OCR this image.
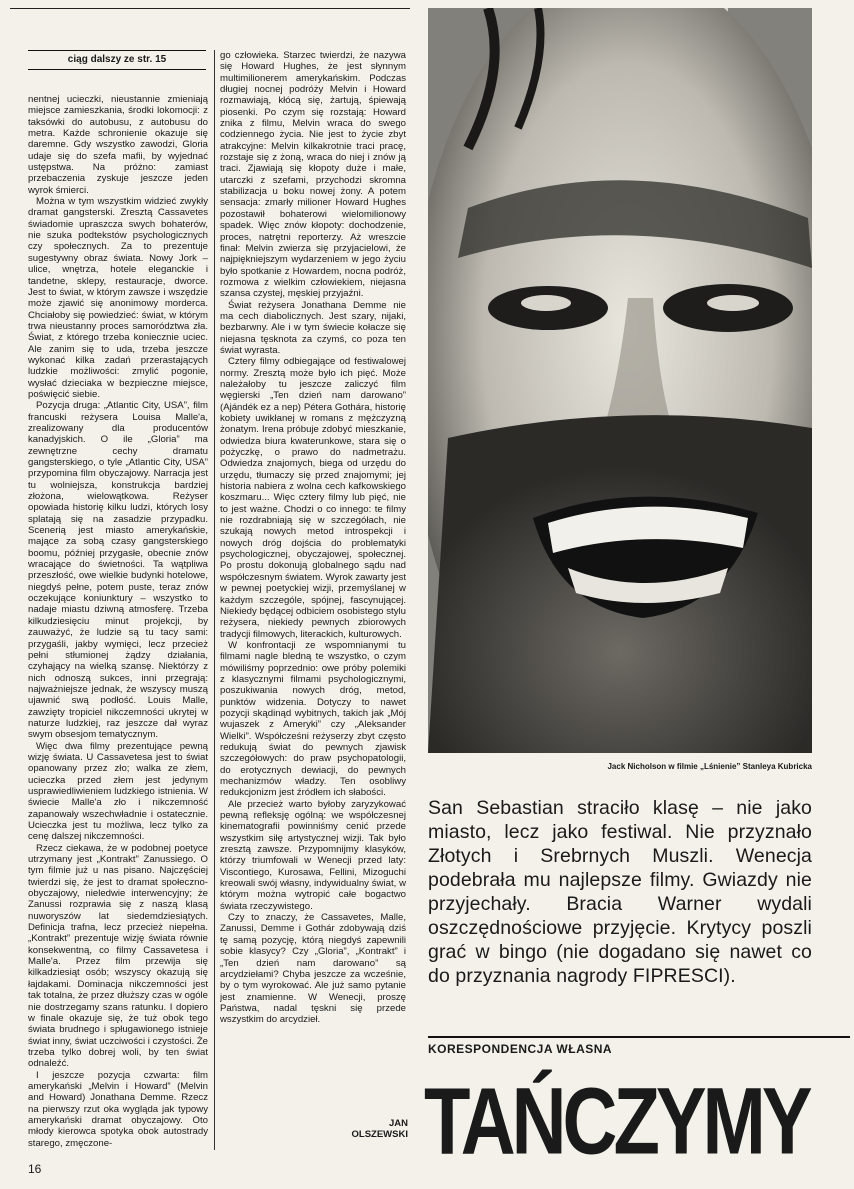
ciąg dalszy ze str. 15

nentnej ucieczki, nieustannie zmieniają miejsce zamieszkania, środki lokomocji: z taksówki do autobusu, z autobusu do metra. Każde schronienie okazuje się daremne. Gdy wszystko zawodzi, Gloria udaje się do szefa mafii, by wyjednać ustępstwa. Na próżno: zamiast przebaczenia zyskuje jeszcze jeden wyrok śmierci.

Można w tym wszystkim widzieć zwykły dramat gangsterski. Zresztą Cassavetes świadomie upraszcza swych bohaterów, nie szuka podtekstów psychologicznych czy społecznych. Za to prezentuje sugestywny obraz świata. Nowy Jork – ulice, wnętrza, hotele eleganckie i tandetne, sklepy, restauracje, dworce. Jest to świat, w którym zawsze i wszędzie może zjawić się anonimowy morderca. Chciałoby się powiedzieć: świat, w którym trwa nieustanny proces samorództwa zła. Świat, z którego trzeba koniecznie uciec. Ale zanim się to uda, trzeba jeszcze wykonać kilka zadań przerastających ludzkie możliwości: zmylić pogonie, wysłać dzieciaka w bezpieczne miejsce, poświęcić siebie.

Pozycja druga: „Atlantic City, USA”, film francuski reżysera Louisa Malle'a, zrealizowany dla producentów kanadyjskich. O ile „Gloria” ma zewnętrzne cechy dramatu gangsterskiego, o tyle „Atlantic City, USA” przypomina film obyczajowy. Narracja jest tu wolniejsza, konstrukcja bardziej złożona, wielowątkowa. Reżyser opowiada historię kilku ludzi, których losy splatają się na zasadzie przypadku. Scenerią jest miasto amerykańskie, mające za sobą czasy gangsterskiego boomu, później przygasłe, obecnie znów wracające do świetności. Ta wątpliwa przeszłość, owe wielkie budynki hotelowe, niegdyś pełne, potem puste, teraz znów oczekujące koniunktury – wszystko to nadaje miastu dziwną atmosferę. Trzeba kilkudziesięciu minut projekcji, by zauważyć, że ludzie są tu tacy sami: przygaśli, jakby wymięci, lecz przecież pełni stłumionej żądzy działania, czyhający na wielką szansę. Niektórzy z nich odnoszą sukces, inni przegrają: najważniejsze jednak, że wszyscy muszą ujawnić swą podłość. Louis Malle, zawzięty tropiciel nikczemności ukrytej w naturze ludzkiej, raz jeszcze dał wyraz swym obsesjom tematycznym.

Więc dwa filmy prezentujące pewną wizję świata. U Cassavetesa jest to świat opanowany przez zło; walka ze złem, ucieczka przed złem jest jedynym usprawiedliwieniem ludzkiego istnienia. W świecie Malle'a zło i nikczemność zapanowały wszechwładnie i ostatecznie. Ucieczka jest tu możliwa, lecz tylko za cenę dalszej nikczemności.

Rzecz ciekawa, że w podobnej poetyce utrzymany jest „Kontrakt” Zanussiego. O tym filmie już u nas pisano. Najczęściej twierdzi się, że jest to dramat społeczno-obyczajowy, nieledwie interwencyjny; że Zanussi rozprawia się z naszą klasą nuworyszów lat siedemdziesiątych. Definicja trafna, lecz przecież niepełna. „Kontrakt” prezentuje wizję świata równie konsekwentną, co filmy Cassavetesa i Malle'a. Przez film przewija się kilkadziesiąt osób; wszyscy okazują się łajdakami. Dominacja nikczemności jest tak totalna, że przez dłuższy czas w ogóle nie dostrzegamy szans ratunku. I dopiero w finale okazuje się, że tuż obok tego świata brudnego i spługawionego istnieje świat inny, świat uczciwości i czystości. Że trzeba tylko dobrej woli, by ten świat odnaleźć.

I jeszcze pozycja czwarta: film amerykański „Melvin i Howard” (Melvin and Howard) Jonathana Demme. Rzecz na pierwszy rzut oka wygląda jak typowy amerykański dramat obyczajowy. Oto młody kierowca spotyka obok autostrady starego, zmęczone-

go człowieka. Starzec twierdzi, że nazywa się Howard Hughes, że jest słynnym multimilionerem amerykańskim. Podczas długiej nocnej podróży Melvin i Howard rozmawiają, kłócą się, żartują, śpiewają piosenki. Po czym się rozstają: Howard znika z filmu, Melvin wraca do swego codziennego życia. Nie jest to życie zbyt atrakcyjne: Melvin kilkakrotnie traci pracę, rozstaje się z żoną, wraca do niej i znów ją traci. Zjawiają się kłopoty duże i małe, utarczki z szefami, przychodzi skromna stabilizacja u boku nowej żony. A potem sensacja: zmarły milioner Howard Hughes pozostawił bohaterowi wielomilionowy spadek. Więc znów kłopoty: dochodzenie, proces, natrętni reporterzy. Aż wreszcie finał: Melvin zwierza się przyjacielowi, że najpiękniejszym wydarzeniem w jego życiu było spotkanie z Howardem, nocna podróż, rozmowa z wielkim człowiekiem, niejasna szansa czystej, męskiej przyjaźni.

Świat reżysera Jonathana Demme nie ma cech diabolicznych. Jest szary, nijaki, bezbarwny. Ale i w tym świecie kołacze się niejasna tęsknota za czymś, co poza ten świat wyrasta.

Cztery filmy odbiegające od festiwalowej normy. Zresztą może było ich pięć. Może należałoby tu jeszcze zaliczyć film węgierski „Ten dzień nam darowano” (Ajándék ez a nep) Pétera Gothára, historię kobiety uwikłanej w romans z mężczyzną żonatym. Irena próbuje zdobyć mieszkanie, odwiedza biura kwaterunkowe, stara się o pożyczkę, o prawo do nadmetrażu. Odwiedza znajomych, biega od urzędu do urzędu, tłumaczy się przed znajomymi; jej historia nabiera z wolna cech kafkowskiego koszmaru... Więc cztery filmy lub pięć, nie to jest ważne. Chodzi o co innego: te filmy nie rozdrabniają się w szczegółach, nie szukają nowych metod introspekcji i nowych dróg dojścia do problematyki psychologicznej, obyczajowej, społecznej. Po prostu dokonują globalnego sądu nad współczesnym światem. Wyrok zawarty jest w pewnej poetyckiej wizji, przemyślanej w każdym szczególe, spójnej, fascynującej. Niekiedy będącej odbiciem osobistego stylu reżysera, niekiedy pewnych zbiorowych tradycji filmowych, literackich, kulturowych.

W konfrontacji ze wspomnianymi tu filmami nagle bledną te wszystko, o czym mówiliśmy poprzednio: owe próby polemiki z klasycznymi filmami psychologicznymi, poszukiwania nowych dróg, metod, punktów widzenia. Dotyczy to nawet pozycji skądinąd wybitnych, takich jak „Mój wujaszek z Ameryki” czy „Aleksander Wielki”. Współcześni reżyserzy zbyt często redukują świat do pewnych zjawisk szczegółowych: do praw psychopatologii, do erotycznych dewiacji, do pewnych mechanizmów władzy. Ten osobliwy redukcjonizm jest źródłem ich słabości.

Ale przecież warto byłoby zaryzykować pewną refleksję ogólną: we współczesnej kinematografii powinniśmy cenić przede wszystkim siłę artystycznej wizji. Tak było zresztą zawsze. Przypomnijmy klasyków, którzy triumfowali w Wenecji przed laty: Viscontiego, Kurosawa, Fellini, Mizoguchi kreowali swój własny, indywidualny świat, w którym można wytropić całe bogactwo świata rzeczywistego.

Czy to znaczy, że Cassavetes, Malle, Zanussi, Demme i Gothár zdobywają dziś tę samą pozycję, którą niegdyś zapewnili sobie klasycy? Czy „Gloria”, „Kontrakt” i „Ten dzień nam darowano” są arcydziełami? Chyba jeszcze za wcześnie, by o tym wyrokować. Ale już samo pytanie jest znamienne. W Wenecji, proszę Państwa, nadal tęskni się przede wszystkim do arcydzieł.

JAN
OLSZEWSKI
16
Jack Nicholson w filmie „Lśnienie” Stanleya Kubricka
San Sebastian straciło klasę – nie jako miasto, lecz jako festiwal. Nie przyznało Złotych i Srebrnych Muszli. Wenecja podebrała mu najlepsze filmy. Gwiazdy nie przyjechały. Bracia Warner wydali oszczędnościowe przyjęcie. Krytycy poszli grać w bingo (nie dogadano się nawet co do przyznania nagrody FIPRESCI).
KORESPONDENCJA WŁASNA
TAŃCZYMY
